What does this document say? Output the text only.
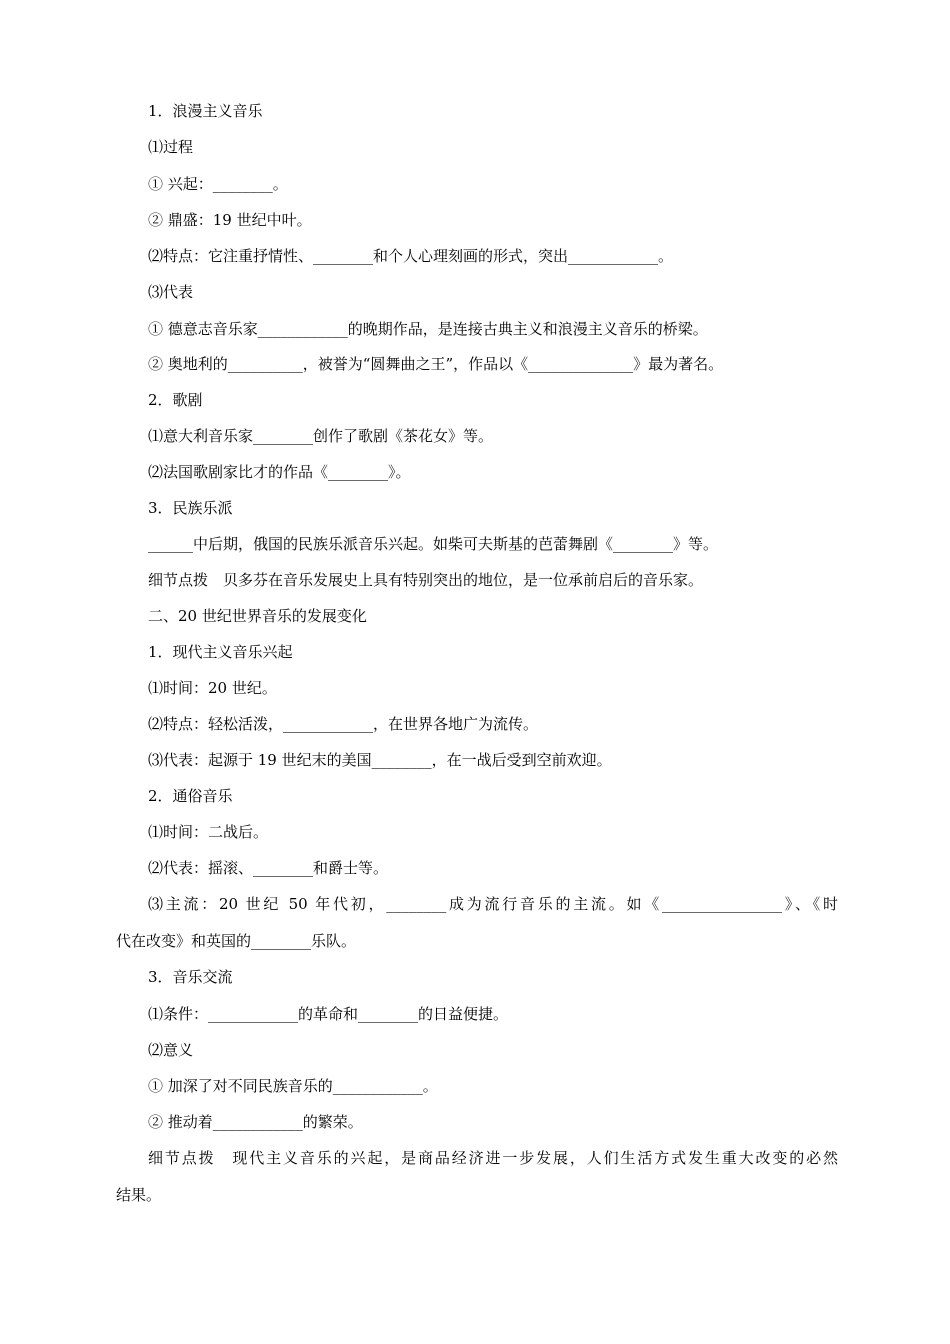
1．浪漫主义音乐
⑴过程
① 兴起：________。
② 鼎盛：19 世纪中叶。
⑵特点：它注重抒情性、________和个人心理刻画的形式，突出____________。
⑶代表
① 德意志音乐家____________的晚期作品，是连接古典主义和浪漫主义音乐的桥梁。
② 奥地利的__________，被誉为“圆舞曲之王”，作品以《______________》最为著名。
2．歌剧
⑴意大利音乐家________创作了歌剧《茶花女》等。
⑵法国歌剧家比才的作品《________》。
3．民族乐派
______中后期，俄国的民族乐派音乐兴起。如柴可夫斯基的芭蕾舞剧《________》等。
细节点拨　贝多芬在音乐发展史上具有特别突出的地位，是一位承前启后的音乐家。
二、20 世纪世界音乐的发展变化
1．现代主义音乐兴起
⑴时间：20 世纪。
⑵特点：轻松活泼，____________，在世界各地广为流传。
⑶代表：起源于 19 世纪末的美国________，在一战后受到空前欢迎。
2．通俗音乐
⑴时间：二战后。
⑵代表：摇滚、________和爵士等。
⑶主流：20 世纪 50 年代初，________成为流行音乐的主流。如《________________》、《时
代在改变》和英国的________乐队。
3．音乐交流
⑴条件：____________的革命和________的日益便捷。
⑵意义
① 加深了对不同民族音乐的____________。
② 推动着____________的繁荣。
细节点拨　现代主义音乐的兴起，是商品经济进一步发展，人们生活方式发生重大改变的必然
结果。
